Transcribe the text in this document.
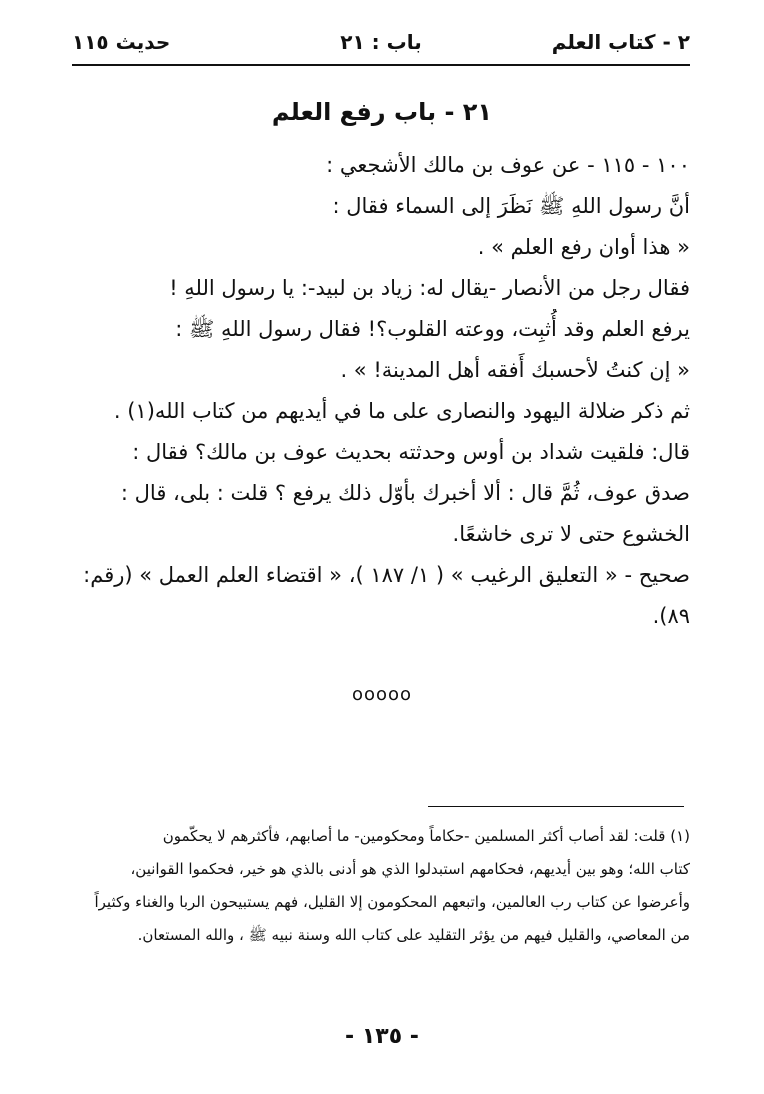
٢ - كتاب العلم
باب : ٢١
حديث ١١٥
٢١ - باب رفع العلم
١٠٠ - ١١٥ - عن عوف بن مالك الأشجعي :
أنَّ رسول اللهِ ﷺ نَظَرَ إلى السماء فقال :
« هذا أوان رفع العلم » .
فقال رجل من الأنصار -يقال له: زياد بن لبيد-: يا رسول اللهِ !
يرفع العلم وقد أُثبِت، ووعته القلوب؟! فقال رسول اللهِ ﷺ :
« إن كنتُ لأحسبك أَفقه أهل المدينة! » .
ثم ذكر ضلالة اليهود والنصارى على ما في أيديهم من كتاب الله(١) .
قال: فلقيت شداد بن أوس وحدثته بحديث عوف بن مالك؟ فقال :
صدق عوف، ثُمَّ قال : ألا أخبرك بأوّل ذلك يرفع ؟ قلت : بلى، قال :
الخشوع حتى لا ترى خاشعًا.
صحيح - « التعليق الرغيب » ( ١/ ١٨٧ )، « اقتضاء العلم العمل » (رقم:
٨٩).
ooooo
(١) قلت: لقد أصاب أكثر المسلمين -حكاماً ومحكومين- ما أصابهم، فأكثرهم لا يحكّمون
كتاب الله؛ وهو بين أيديهم، فحكامهم استبدلوا الذي هو أدنى بالذي هو خير، فحكموا القوانين،
وأعرضوا عن كتاب رب العالمين، واتبعهم المحكومون إلا القليل، فهم يستبيحون الربا والغناء وكثيراً
من المعاصي، والقليل فيهم من يؤثر التقليد على كتاب الله وسنة نبيه ﷺ ، والله المستعان.
- ١٣٥ -
